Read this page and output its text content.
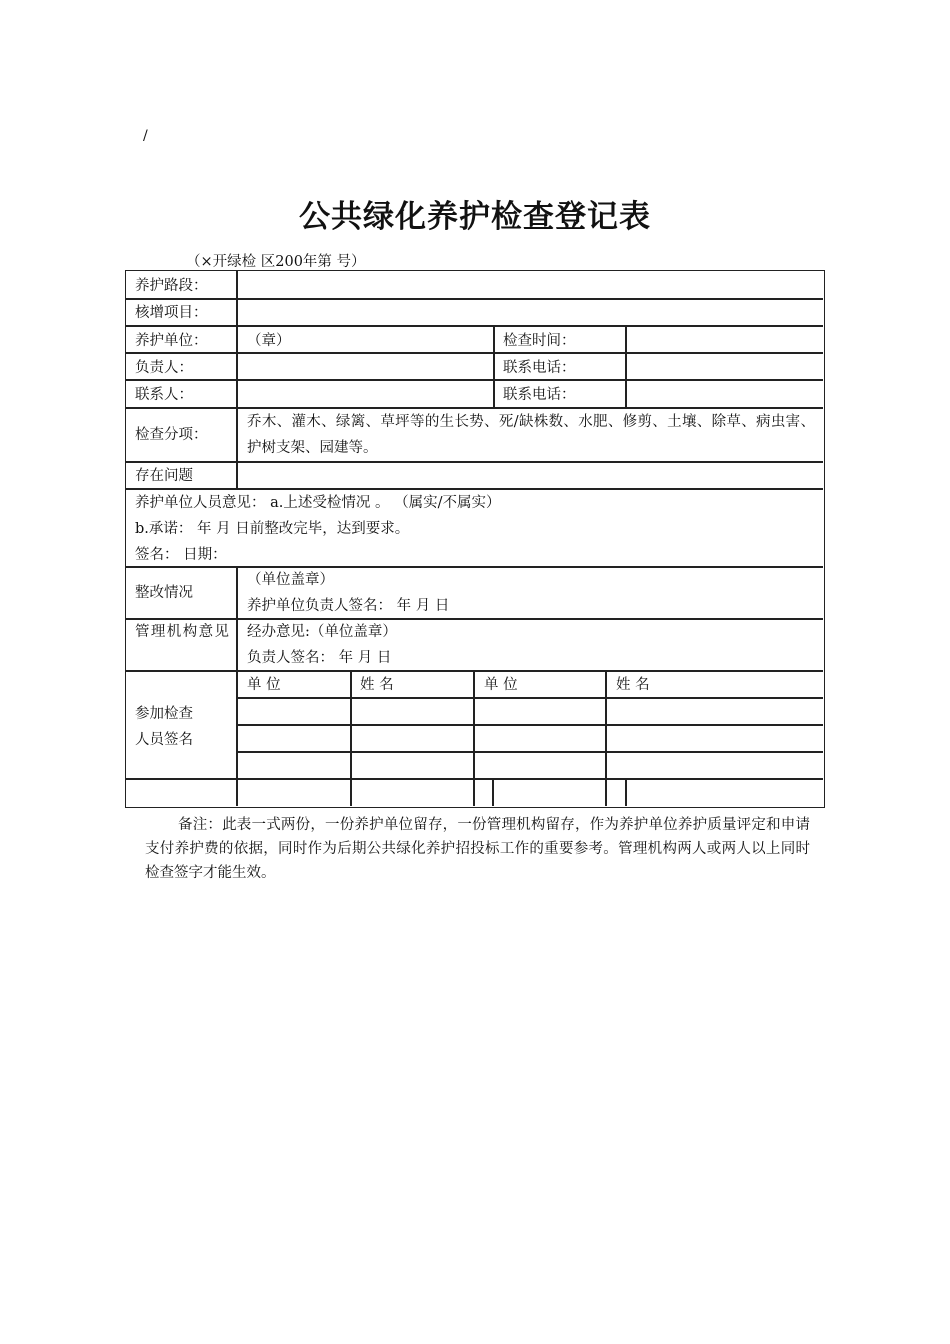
/
公共绿化养护检查登记表
（×开绿检 区200年第 号）
养护路段：
核增项目：
养护单位：	（章）	检查时间：
负责人：	联系电话：
联系人：	联系电话：
检查分项：
乔木、灌木、绿篱、草坪等的生长势、死/缺株数、水肥、修剪、土壤、除草、病虫害、护树支架、园建等。
存在问题
养护单位人员意见： a.上述受检情况 。 （属实/不属实）
b.承诺： 年 月 日前整改完毕，达到要求。
签名： 日期：
整改情况
（单位盖章）
养护单位负责人签名： 年 月 日
管理机构意见 经办意见:（单位盖章）
负责人签名： 年 月 日
参加检查人员签名
单 位	姓 名	单 位	姓 名
备注：此表一式两份，一份养护单位留存，一份管理机构留存，作为养护单位养护质量评定和申请支付养护费的依据，同时作为后期公共绿化养护招投标工作的重要参考。管理机构两人或两人以上同时检查签字才能生效。
